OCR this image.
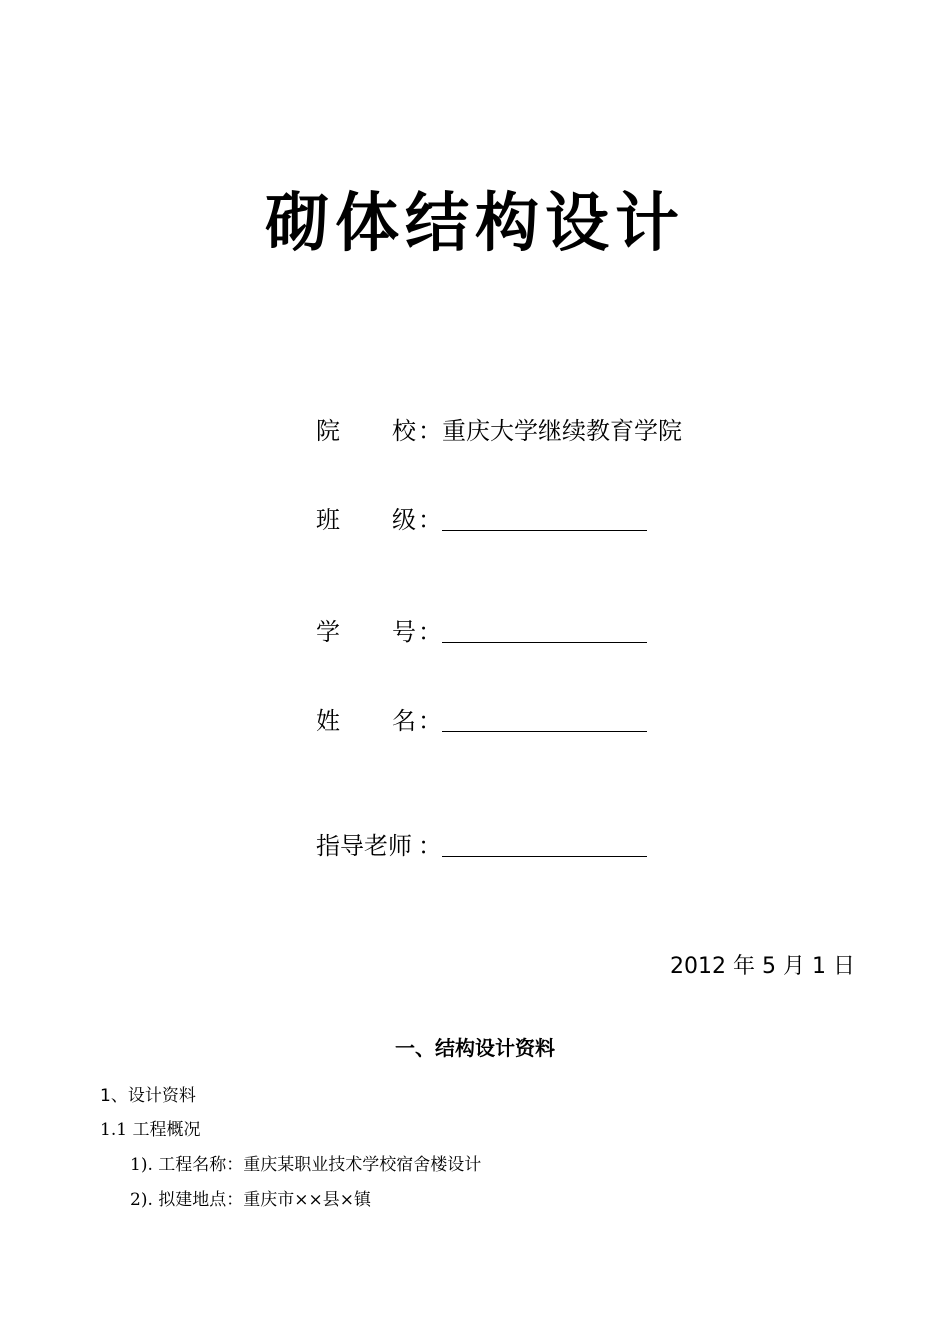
砌体结构设计
院 校 ： 重庆大学继续教育学院
班 级 ：
学 号 ：
姓 名 ：
指导老师 ：
2012 年 5 月 1 日
一、结构设计资料
1、设计资料
1.1 工程概况
1). 工程名称：重庆某职业技术学校宿舍楼设计
2). 拟建地点：重庆市××县×镇
